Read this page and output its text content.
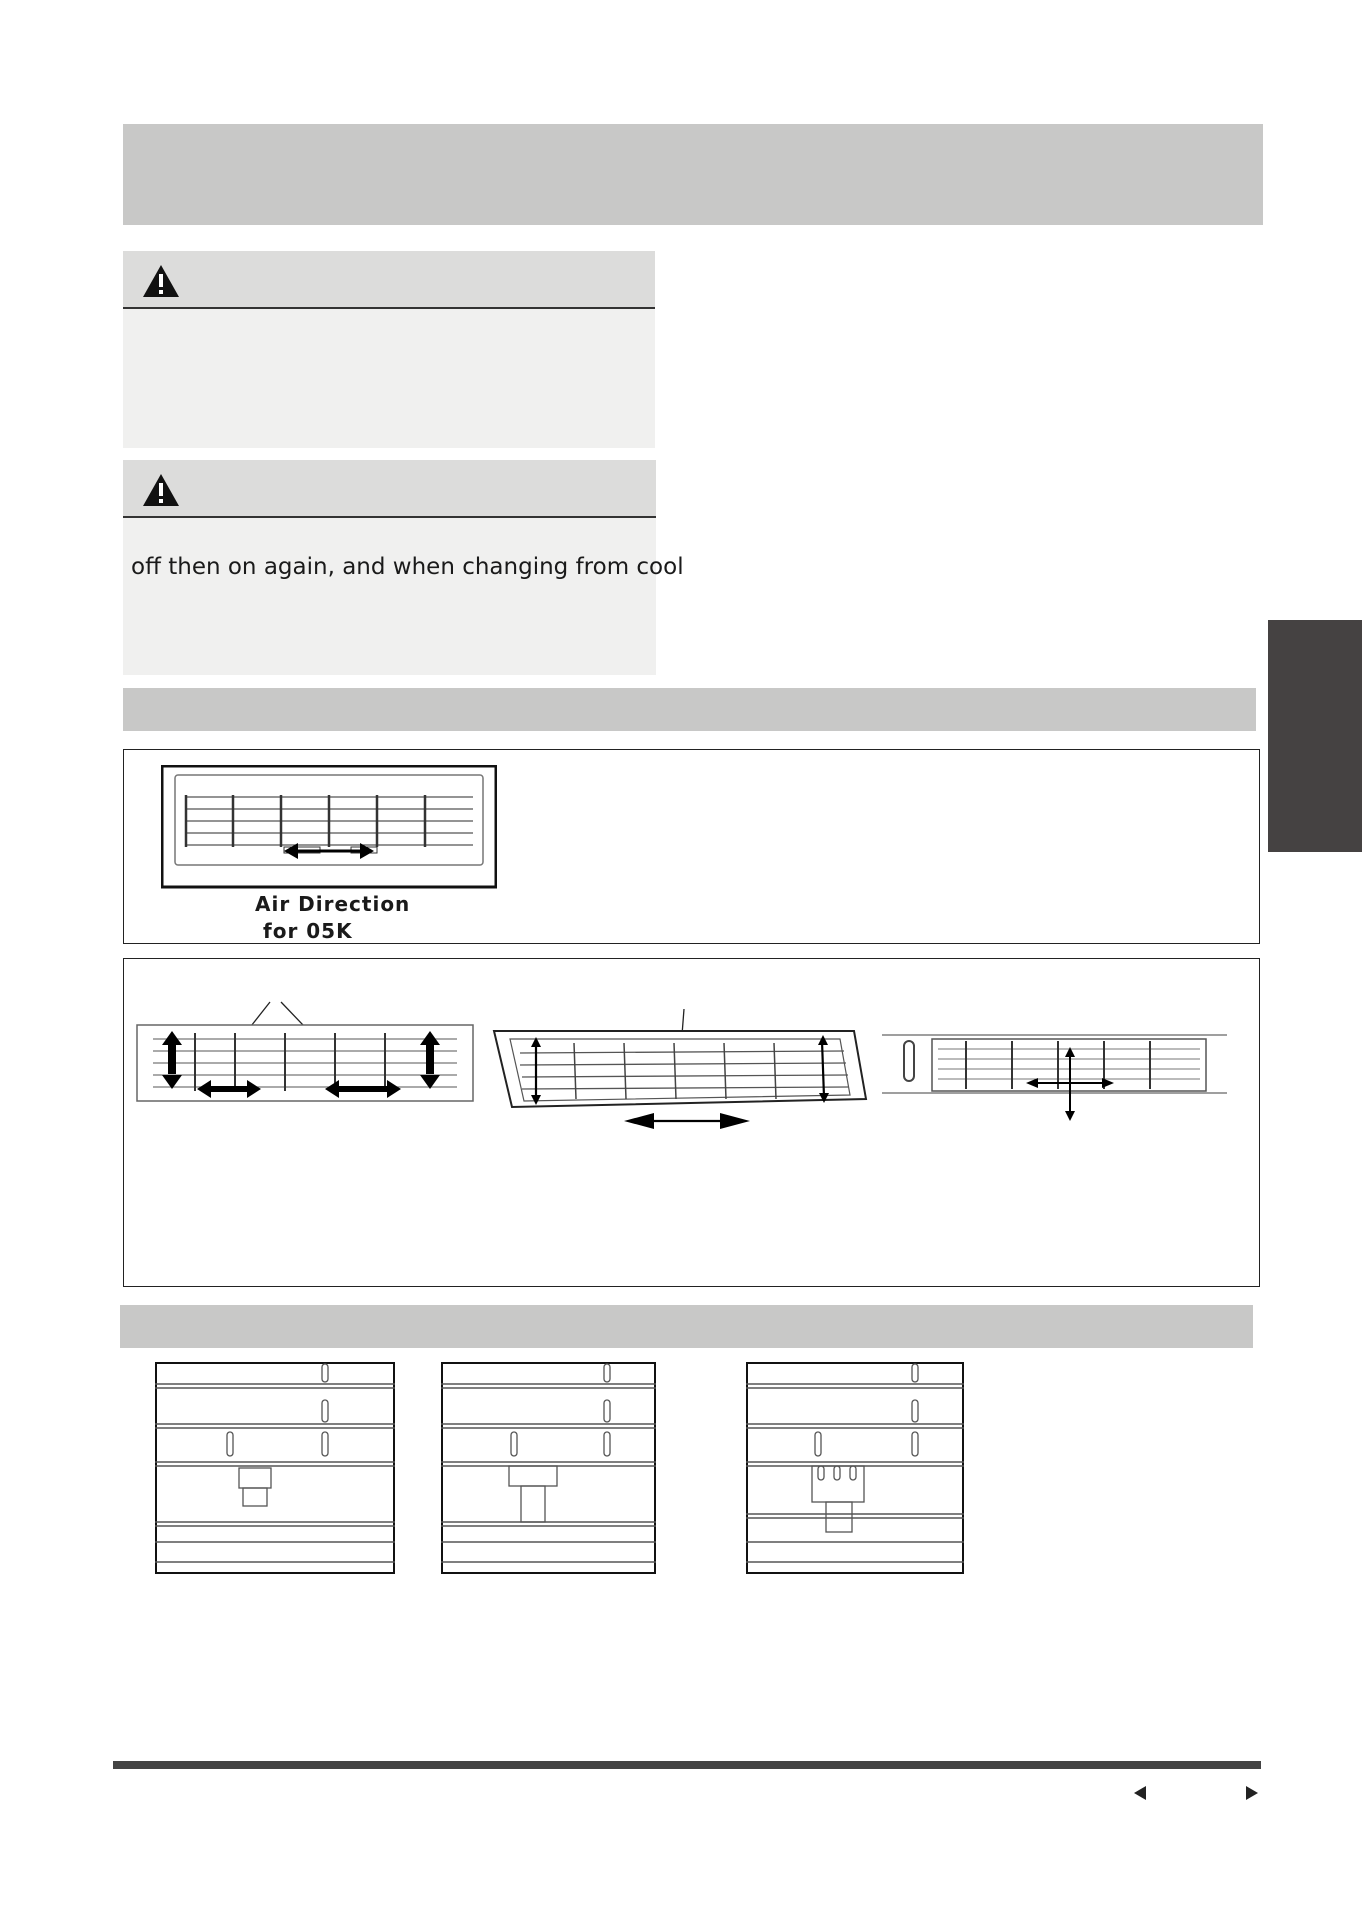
off then on again, and when changing from cool
Air Direction
for 05K
